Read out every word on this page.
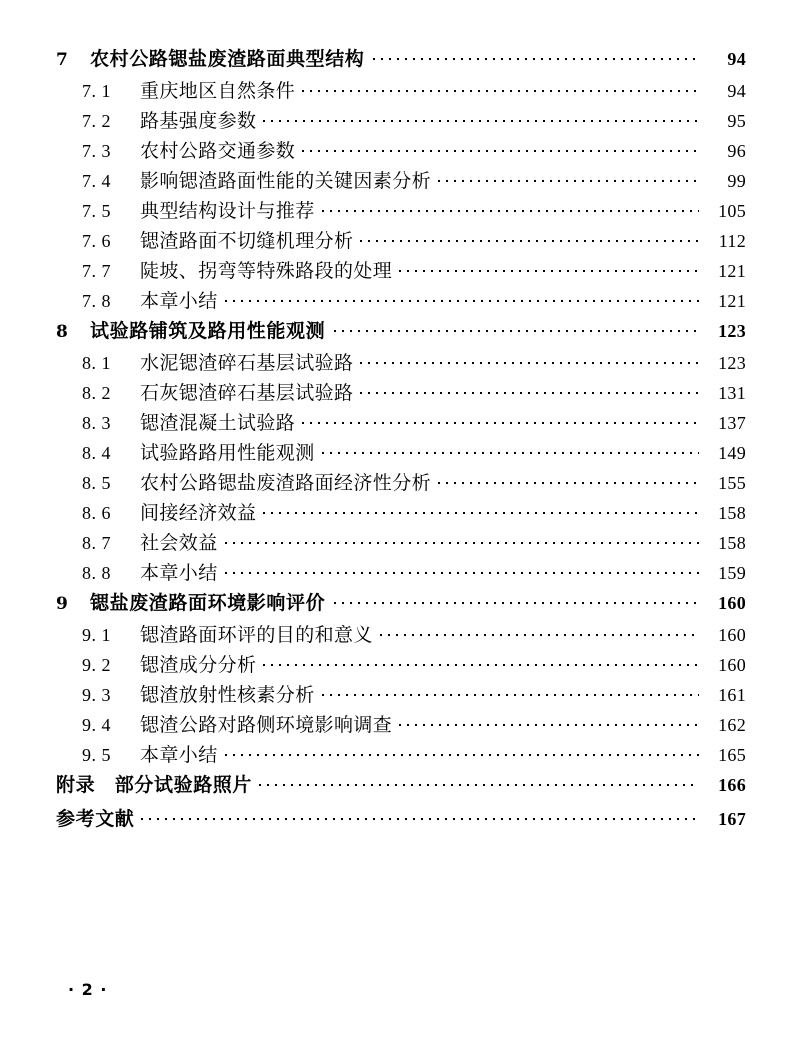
7	农村公路锶盐废渣路面典型结构	94
7. 1	重庆地区自然条件	94
7. 2	路基强度参数	95
7. 3	农村公路交通参数	96
7. 4	影响锶渣路面性能的关键因素分析	99
7. 5	典型结构设计与推荐	105
7. 6	锶渣路面不切缝机理分析	112
7. 7	陡坡、拐弯等特殊路段的处理	121
7. 8	本章小结	121
8	试验路铺筑及路用性能观测	123
8. 1	水泥锶渣碎石基层试验路	123
8. 2	石灰锶渣碎石基层试验路	131
8. 3	锶渣混凝土试验路	137
8. 4	试验路路用性能观测	149
8. 5	农村公路锶盐废渣路面经济性分析	155
8. 6	间接经济效益	158
8. 7	社会效益	158
8. 8	本章小结	159
9	锶盐废渣路面环境影响评价	160
9. 1	锶渣路面环评的目的和意义	160
9. 2	锶渣成分分析	160
9. 3	锶渣放射性核素分析	161
9. 4	锶渣公路对路侧环境影响调查	162
9. 5	本章小结	165
附录　部分试验路照片	166
参考文献	167
· 2 ·
